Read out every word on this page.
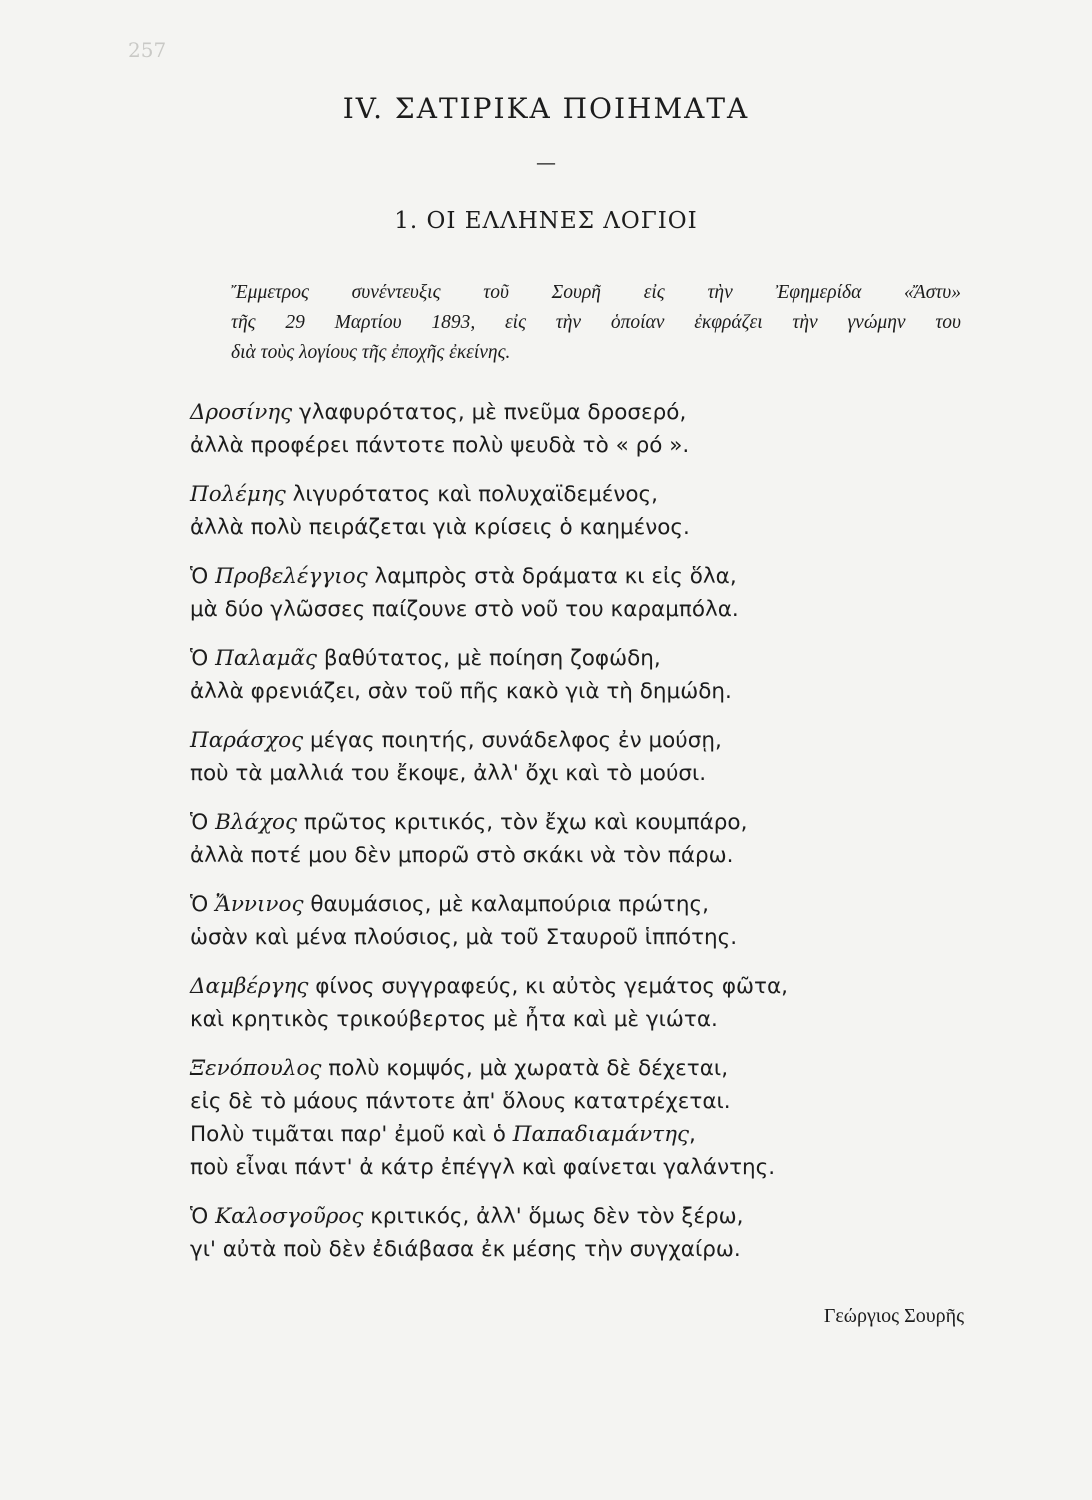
257
IV. ΣΑΤΙΡΙΚΑ ΠΟΙΗΜΑΤΑ
—
1. ΟΙ ΕΛΛΗΝΕΣ ΛΟΓΙΟΙ
Ἔμμετρος συνέντευξις τοῦ Σουρῆ εἰς τὴν Ἐφημερίδα «Ἄστυ»
τῆς 29 Μαρτίου 1893, εἰς τὴν ὁποίαν ἐκφράζει τὴν γνώμην του
διὰ τοὺς λογίους τῆς ἐποχῆς ἐκείνης.
Δροσίνης γλαφυρότατος, μὲ πνεῦμα δροσερό,
ἀλλὰ προφέρει πάντοτε πολὺ ψευδὰ τὸ « ρό ».
Πολέμης λιγυρότατος καὶ πολυχαϊδεμένος,
ἀλλὰ πολὺ πειράζεται γιὰ κρίσεις ὁ καημένος.
Ὁ Προβελέγγιος λαμπρὸς στὰ δράματα κι εἰς ὅλα,
μὰ δύο γλῶσσες παίζουνε στὸ νοῦ του καραμπόλα.
Ὁ Παλαμᾶς βαθύτατος, μὲ ποίηση ζοφώδη,
ἀλλὰ φρενιάζει, σὰν τοῦ πῆς κακὸ γιὰ τὴ δημώδη.
Παράσχος μέγας ποιητής, συνάδελφος ἐν μούσῃ,
ποὺ τὰ μαλλιά του ἔκοψε, ἀλλ' ὄχι καὶ τὸ μούσι.
Ὁ Βλάχος πρῶτος κριτικός, τὸν ἔχω καὶ κουμπάρο,
ἀλλὰ ποτέ μου δὲν μπορῶ στὸ σκάκι νὰ τὸν πάρω.
Ὁ Ἄννινος θαυμάσιος, μὲ καλαμπούρια πρώτης,
ὡσὰν καὶ μένα πλούσιος, μὰ τοῦ Σταυροῦ ἱππότης.
Δαμβέργης φίνος συγγραφεύς, κι αὐτὸς γεμάτος φῶτα,
καὶ κρητικὸς τρικούβερτος μὲ ἦτα καὶ μὲ γιώτα.
Ξενόπουλος πολὺ κομψός, μὰ χωρατὰ δὲ δέχεται,
εἰς δὲ τὸ μάους πάντοτε ἀπ' ὅλους κατατρέχεται.
Πολὺ τιμᾶται παρ' ἐμοῦ καὶ ὁ Παπαδιαμάντης,
ποὺ εἶναι πάντ' ἀ κάτρ ἐπέγγλ καὶ φαίνεται γαλάντης.
Ὁ Καλοσγοῦρος κριτικός, ἀλλ' ὅμως δὲν τὸν ξέρω,
γι' αὐτὰ ποὺ δὲν ἐδιάβασα ἐκ μέσης τὴν συγχαίρω.
Γεώργιος Σουρῆς
